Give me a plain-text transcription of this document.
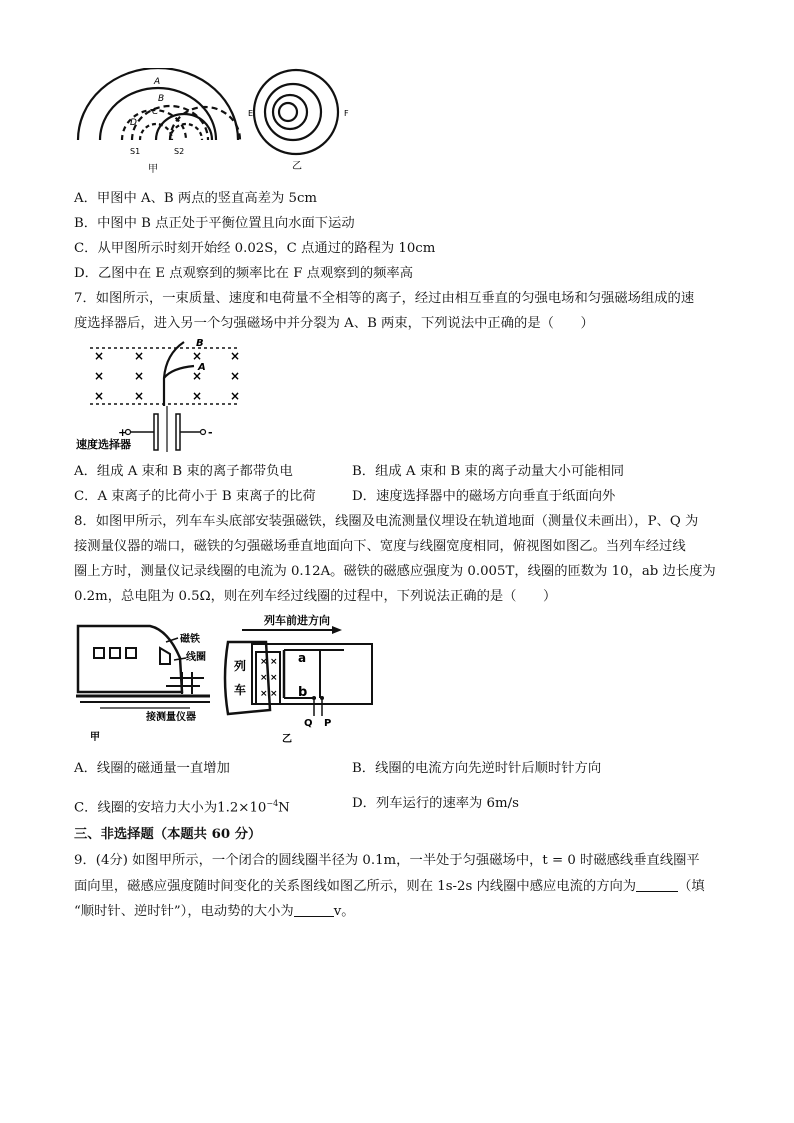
A
B
C
D
S1	S2
甲
E	F
乙
A．甲图中 A、B 两点的竖直高差为 5cm
B．中图中 B 点正处于平衡位置且向水面下运动
C．从甲图所示时刻开始经 0.02S，C 点通过的路程为 10cm
D．乙图中在 E 点观察到的频率比在 F 点观察到的频率高
7．如图所示，一束质量、速度和电荷量不全相等的离子，经过由相互垂直的匀强电场和匀强磁场组成的速
度选择器后，进入另一个匀强磁场中并分裂为 A、B 两束，下列说法中正确的是（　　）
× ×	× ×
× ×	× ×
× ×	× ×
B
A
+	-
速度选择器
A．组成 A 束和 B 束的离子都带负电	B．组成 A 束和 B 束的离子动量大小可能相同
C．A 束离子的比荷小于 B 束离子的比荷	D．速度选择器中的磁场方向垂直于纸面向外
8．如图甲所示，列车车头底部安装强磁铁，线圈及电流测量仪埋设在轨道地面（测量仪未画出），P、Q 为
接测量仪器的端口，磁铁的匀强磁场垂直地面向下、宽度与线圈宽度相同，俯视图如图乙。当列车经过线
圈上方时，测量仪记录线圈的电流为 0.12A。磁铁的磁感应强度为 0.005T，线圈的匝数为 10，ab 边长度为
0.2m，总电阻为 0.5Ω，则在列车经过线圈的过程中，下列说法正确的是（　　）
磁铁
线圈
接测量仪器
甲
列车前进方向
列
车
× ×
× ×
× ×
a
b
Q P
乙
A．线圈的磁通量一直增加	B．线圈的电流方向先逆时针后顺时针方向
C．线圈的安培力大小为$1.2\times 10^{-4}N$	D．列车运行的速率为 6m/s
三、非选择题（本题共 60 分）
9．(4分) 如图甲所示，一个闭合的圆线圈半径为 0.1m，一半处于匀强磁场中，t = 0 时磁感线垂直线圈平
面向里，磁感应强度随时间变化的关系图线如图乙所示，则在 1s-2s 内线圈中感应电流的方向为	（填
“顺时针、逆时针”），电动势的大小为	v。
